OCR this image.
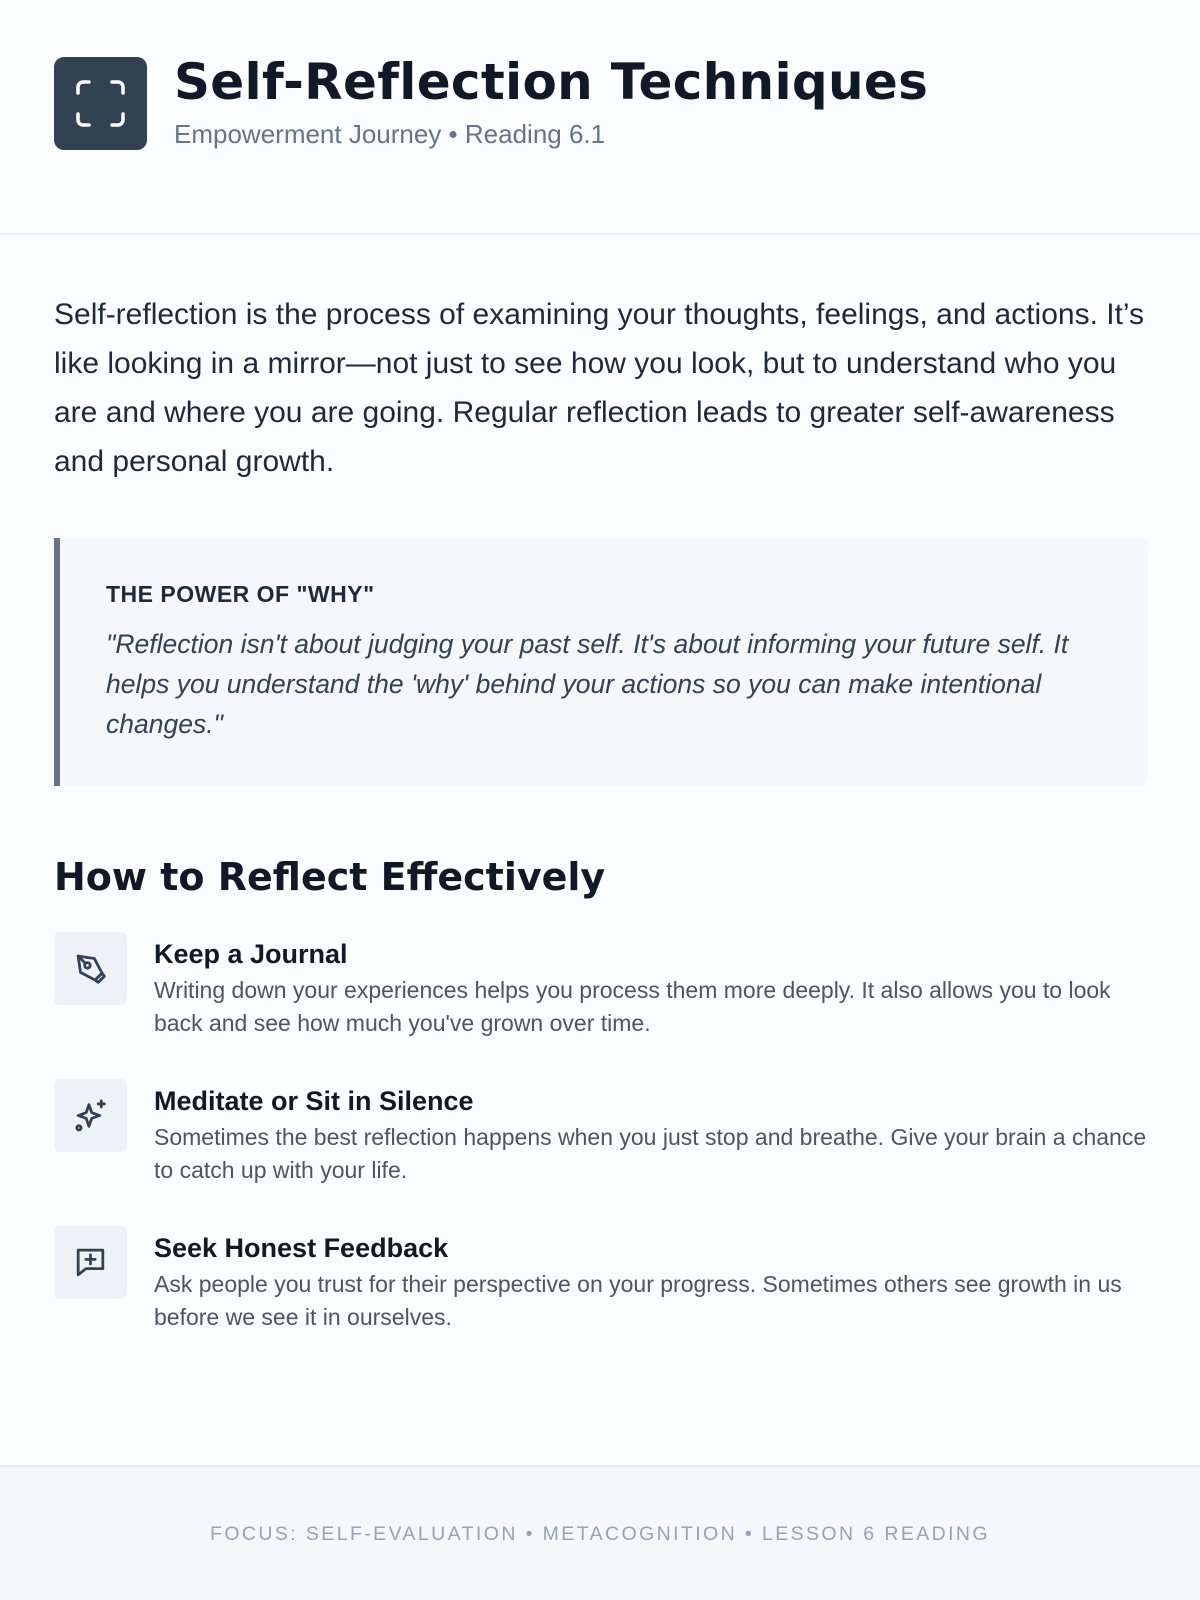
Self-Reflection Techniques
Empowerment Journey • Reading 6.1

Self-reflection is the process of examining your thoughts, feelings, and actions. It’s like looking in a mirror—not just to see how you look, but to understand who you are and where you are going. Regular reflection leads to greater self-awareness and personal growth.

THE POWER OF "WHY"
"Reflection isn't about judging your past self. It's about informing your future self. It helps you understand the 'why' behind your actions so you can make intentional changes."
How to Reflect Effectively
Keep a Journal
Writing down your experiences helps you process them more deeply. It also allows you to look back and see how much you've grown over time.
Meditate or Sit in Silence
Sometimes the best reflection happens when you just stop and breathe. Give your brain a chance to catch up with your life.
Seek Honest Feedback
Ask people you trust for their perspective on your progress. Sometimes others see growth in us before we see it in ourselves.
FOCUS: SELF-EVALUATION • METACOGNITION • LESSON 6 READING
